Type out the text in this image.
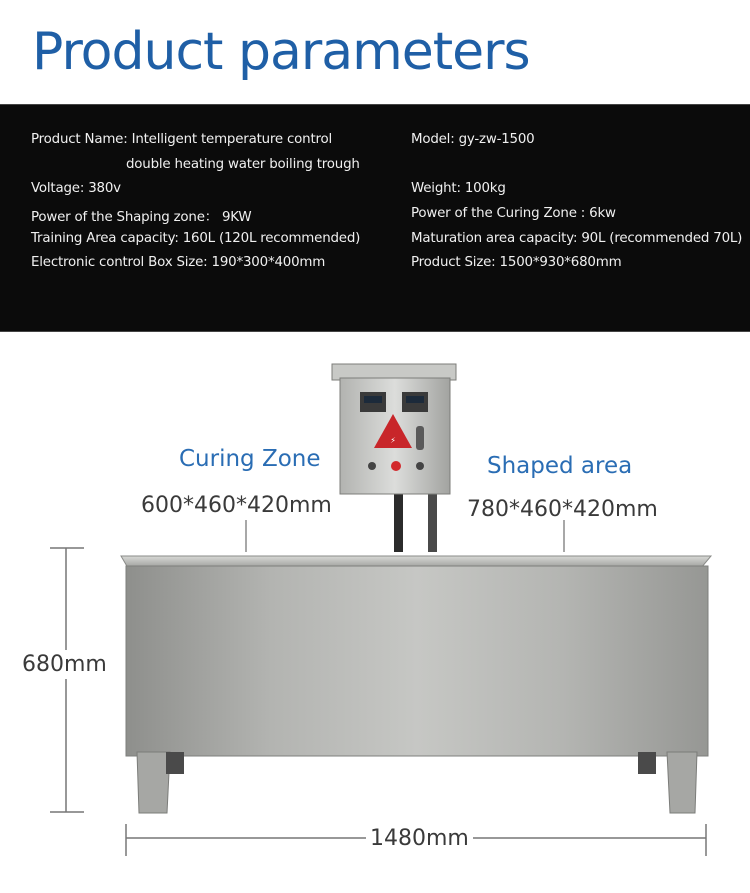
Product parameters
Product Name: Intelligent temperature control
double heating water boiling trough
Voltage: 380v
Power of the Shaping zone： 9KW
Training Area capacity: 160L (120L recommended)
Electronic control Box Size: 190*300*400mm
Model: gy-zw-1500
Weight: 100kg
Power of the Curing Zone : 6kw
Maturation area capacity: 90L (recommended 70L)
Product Size: 1500*930*680mm
⚡
Curing Zone
600*460*420mm
Shaped area
780*460*420mm
680mm
1480mm
